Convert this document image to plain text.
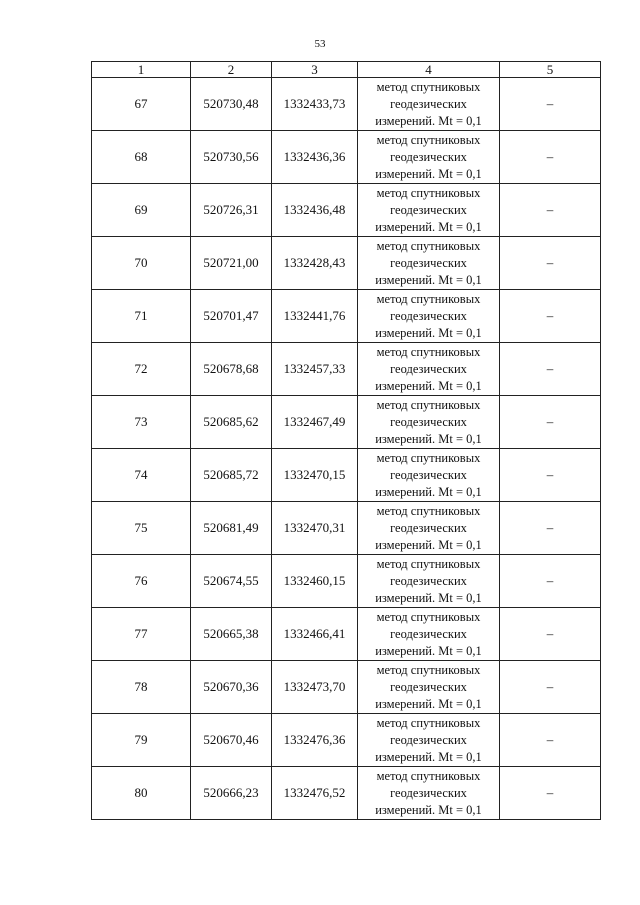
53
1	2	3	4	5
67	520730,48	1332433,73	метод спутниковых
геодезических
измерений. Mt = 0,1	–
68	520730,56	1332436,36	метод спутниковых
геодезических
измерений. Mt = 0,1	–
69	520726,31	1332436,48	метод спутниковых
геодезических
измерений. Mt = 0,1	–
70	520721,00	1332428,43	метод спутниковых
геодезических
измерений. Mt = 0,1	–
71	520701,47	1332441,76	метод спутниковых
геодезических
измерений. Mt = 0,1	–
72	520678,68	1332457,33	метод спутниковых
геодезических
измерений. Mt = 0,1	–
73	520685,62	1332467,49	метод спутниковых
геодезических
измерений. Mt = 0,1	–
74	520685,72	1332470,15	метод спутниковых
геодезических
измерений. Mt = 0,1	–
75	520681,49	1332470,31	метод спутниковых
геодезических
измерений. Mt = 0,1	–
76	520674,55	1332460,15	метод спутниковых
геодезических
измерений. Mt = 0,1	–
77	520665,38	1332466,41	метод спутниковых
геодезических
измерений. Mt = 0,1	–
78	520670,36	1332473,70	метод спутниковых
геодезических
измерений. Mt = 0,1	–
79	520670,46	1332476,36	метод спутниковых
геодезических
измерений. Mt = 0,1	–
80	520666,23	1332476,52	метод спутниковых
геодезических
измерений. Mt = 0,1	–
